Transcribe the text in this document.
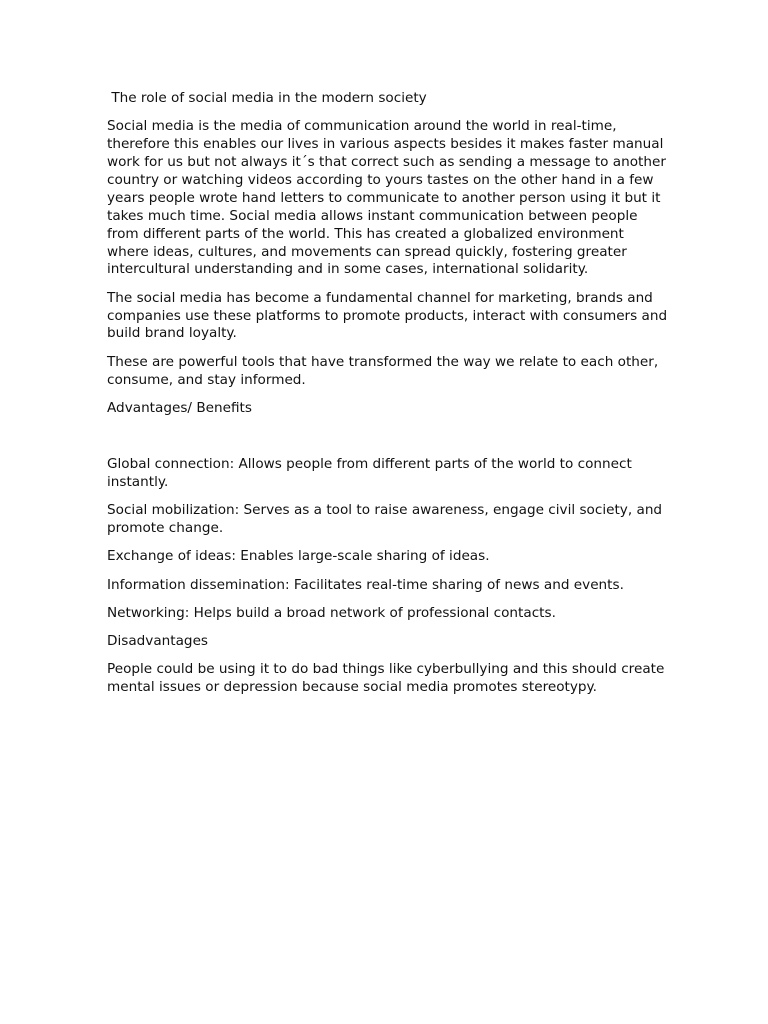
The role of social media in the modern society

Social media is the media of communication around the world in real-time, therefore this enables our lives in various aspects besides it makes faster manual work for us but not always it´s that correct such as sending a message to another country or watching videos according to yours tastes on the other hand in a few years people wrote hand letters to communicate to another person using it but it takes much time. Social media allows instant communication between people from different parts of the world. This has created a globalized environment where ideas, cultures, and movements can spread quickly, fostering greater intercultural understanding and in some cases, international solidarity.

The social media has become a fundamental channel for marketing, brands and companies use these platforms to promote products, interact with consumers and build brand loyalty.

These are powerful tools that have transformed the way we relate to each other, consume, and stay informed.

Advantages/ Benefits

Global connection: Allows people from different parts of the world to connect instantly.

Social mobilization: Serves as a tool to raise awareness, engage civil society, and promote change.

Exchange of ideas: Enables large-scale sharing of ideas.

Information dissemination: Facilitates real-time sharing of news and events.

Networking: Helps build a broad network of professional contacts.

Disadvantages

People could be using it to do bad things like cyberbullying and this should create mental issues or depression because social media promotes stereotypy.
